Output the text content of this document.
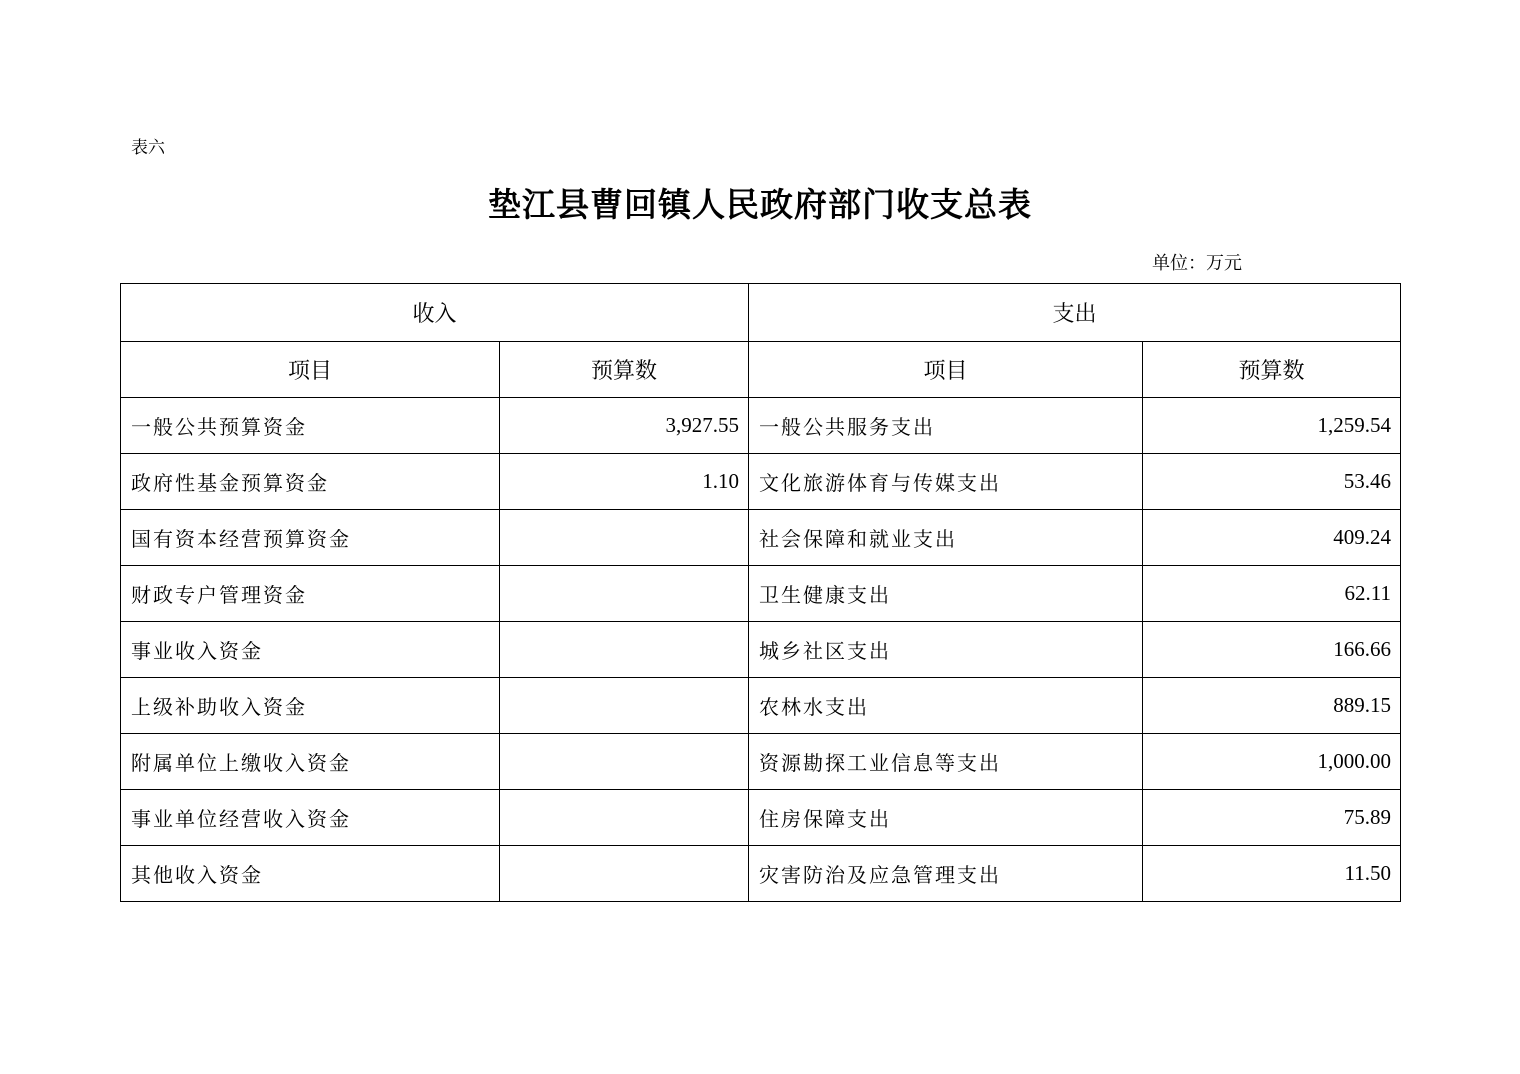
表六
垫江县曹回镇人民政府部门收支总表
单位：万元
收入		支出	
项目	预算数	项目	预算数
一般公共预算资金	3,927.55	一般公共服务支出	1,259.54
政府性基金预算资金	1.10	文化旅游体育与传媒支出	53.46
国有资本经营预算资金		社会保障和就业支出	409.24
财政专户管理资金		卫生健康支出	62.11
事业收入资金		城乡社区支出	166.66
上级补助收入资金		农林水支出	889.15
附属单位上缴收入资金		资源勘探工业信息等支出	1,000.00
事业单位经营收入资金		住房保障支出	75.89
其他收入资金		灾害防治及应急管理支出	11.50
